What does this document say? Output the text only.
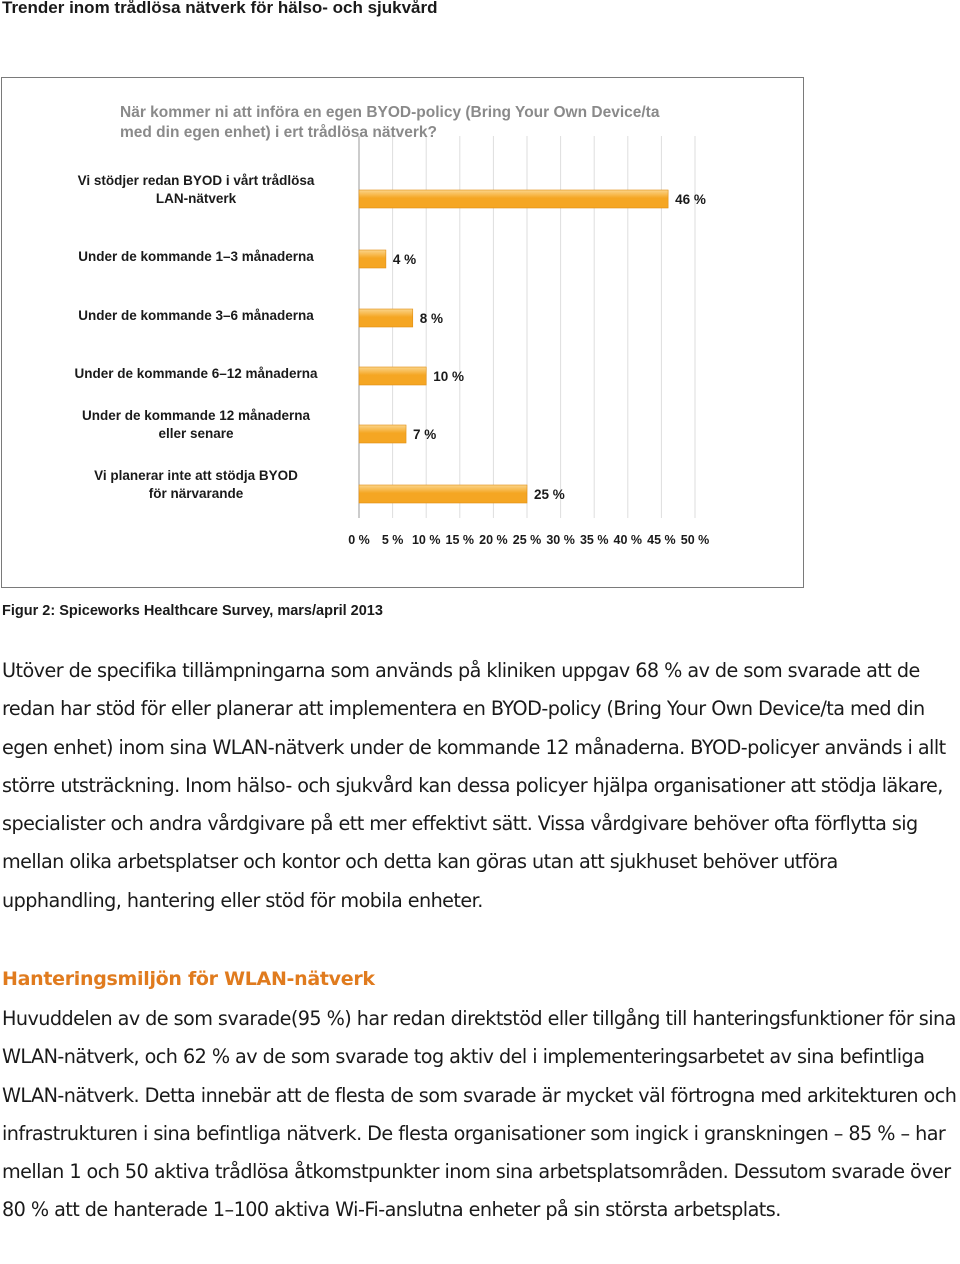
Trender inom trådlösa nätverk för hälso- och sjukvård
46 %
4 %
8 %
10 %
7 %
25 %
0 % 5 % 10 % 15 % 20 % 25 % 30 % 35 % 40 % 45 % 50 %
När kommer ni att införa en egen BYOD-policy (Bring Your Own Device/ta med din egen enhet) i ert trådlösa nätverk?
Vi stödjer redan BYOD i vårt trådlösa
LAN-nätverk
Under de kommande 1–3 månaderna
Under de kommande 3–6 månaderna
Under de kommande 6–12 månaderna
Under de kommande 12 månaderna
eller senare
Vi planerar inte att stödja BYOD
för närvarande
Figur 2: Spiceworks Healthcare Survey, mars/april 2013

Utöver de specifika tillämpningarna som används på kliniken uppgav 68 % av de som svarade att de redan har stöd för eller planerar att implementera en BYOD-policy (Bring Your Own Device/ta med din egen enhet) inom sina WLAN-nätverk under de kommande 12 månaderna. BYOD-policyer används i allt större utsträckning. Inom hälso- och sjukvård kan dessa policyer hjälpa organisationer att stödja läkare, specialister och andra vårdgivare på ett mer effektivt sätt. Vissa vårdgivare behöver ofta förflytta sig mellan olika arbetsplatser och kontor och detta kan göras utan att sjukhuset behöver utföra upphandling, hantering eller stöd för mobila enheter.

Hanteringsmiljön för WLAN-nätverk

Huvuddelen av de som svarade(95 %) har redan direktstöd eller tillgång till hanteringsfunktioner för sina WLAN-nätverk, och 62 % av de som svarade tog aktiv del i implementeringsarbetet av sina befintliga WLAN-nätverk. Detta innebär att de flesta de som svarade är mycket väl förtrogna med arkitekturen och infrastrukturen i sina befintliga nätverk. De flesta organisationer som ingick i granskningen – 85 % – har mellan 1 och 50 aktiva trådlösa åtkomstpunkter inom sina arbetsplatsområden. Dessutom svarade över 80 % att de hanterade 1–100 aktiva Wi-Fi-anslutna enheter på sin största arbetsplats.
